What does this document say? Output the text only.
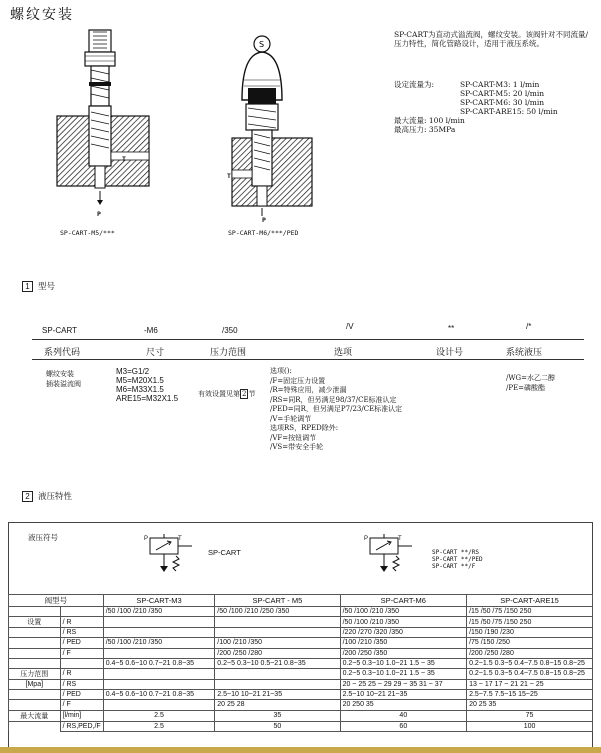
螺纹安装
T
P
SP-CART-M5/***
S
T
P
SP-CART-M6/***/PED
SP-CART为直动式溢流阀，螺纹安装。该阀针对不同流量/压力特性，简化管路设计，适用于液压系统。
设定流量为:	SP-CART-M3: 1 l/min
SP-CART-M5: 20 l/min
SP-CART-M6: 30 l/min
SP-CART-ARE15: 50 l/min
最大流量: 100 l/min
最高压力: 35MPa
1 型号
SP-CART	-M6	/350	/V	**	/*
系列代码	尺寸	压力范围	选项	设计号	系统液压
螺纹安装
插装溢流阀
M3=G1/2
M5=M20X1.5
M6=M33X1.5
ARE15=M32X1.5	有效设置见第 2 节
选项():
/F=固定压力设置
/R=特殊应用，减少泄漏
/RS=同R，但另满足98/37/CE标准认定
/PED=同R，但另满足P7/23/CE标准认定
/V=手轮调节
选项RS，RPED除外:
/VF=按钮调节
/VS=带安全手轮
/WG=水乙二醇
/PE=磷酸酯
2 液压特性
液压符号	P	T
SP-CART
P	T
SP-CART **/RS
SP-CART **/PED
SP-CART **/F
阀型号		SP-CART-M3	SP-CART - M5	SP-CART-M6	SP-CART-ARE15
		/50 /100 /210 /350	/50 /100 /210 /250 /350	/50 /100 /210 /350	/15 /50 /75 /150 250
设置	/ R			/50 /100 /210 /350	/15 /50 /75 /150 250
	/ RS			/220 /270 /320 /350	/150 /190 /230
	/ PED	/50 /100 /210 /350	/100 /210 /350	/100 /210 /350	/75 /150 /250
	/ F		/200 /250 /280	/200 /250 /350	/200 /250 /280
		0.4~5 0.6~10 0.7~21 0.8~35	0.2~5 0.3~10 0.5~21 0.8~35	0.2~5 0.3~10 1.0~21 1.5 ~ 35	0.2~1.5 0.3~5 0.4~7.5 0.8~15 0.8~25
压力范围	/ R			0.2~5 0.3~10 1.0~21 1.5 ~ 35	0.2~1.5 0.3~5 0.4~7.5 0.8~15 0.8~25
[Mpa]	/ RS			20 ~ 25 25 ~ 29 29 ~ 35 31 ~ 37	13 ~ 17 17 ~ 21 21 ~ 25
	/ PED	0.4~5 0.6~10 0.7~21 0.8~35	2.5~10 10~21 21~35	2.5~10 10~21 21~35	2.5~7.5 7.5~15 15~25
	/ F		20 25 28	20 250 35	20 25 35
最大流量	[l/min]	2.5	35	40	75
	/ RS,PED,/F	2.5	50	60	100
